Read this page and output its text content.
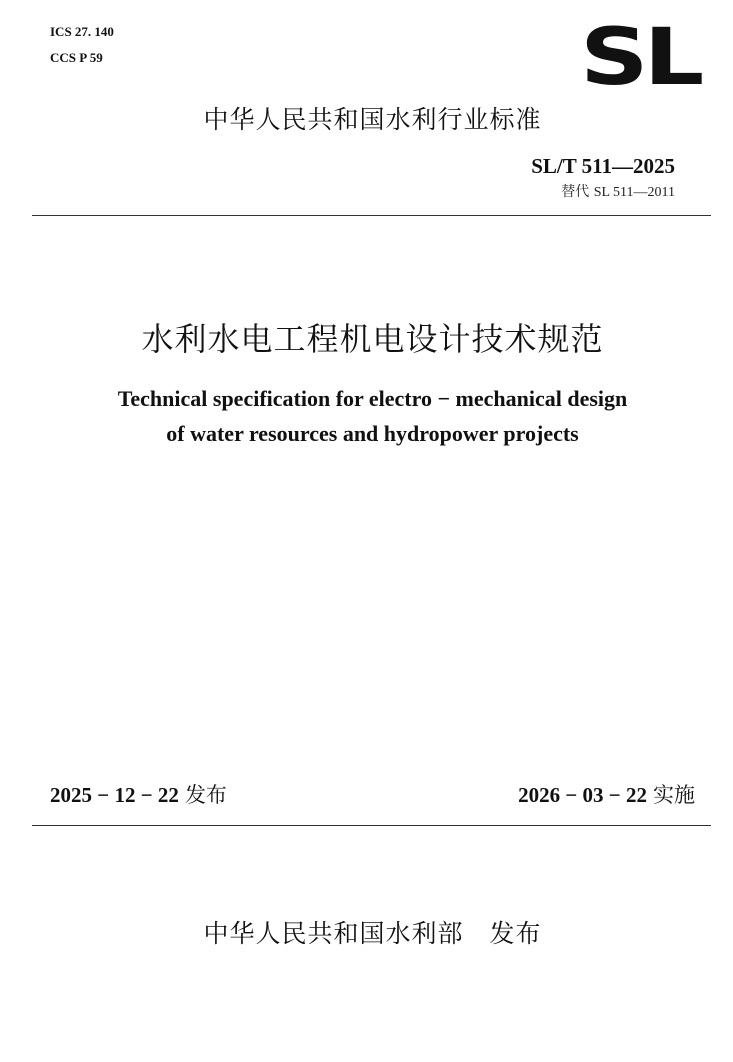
ICS 27. 140
CCS P 59	SL
中华人民共和国水利行业标准
SL/T 511—2025
替代 SL 511—2011
水利水电工程机电设计技术规范
Technical specification for electro − mechanical design
of water resources and hydropower projects
2025 − 12 − 22 发布	2026 − 03 − 22 实施
中华人民共和国水利部　发布
